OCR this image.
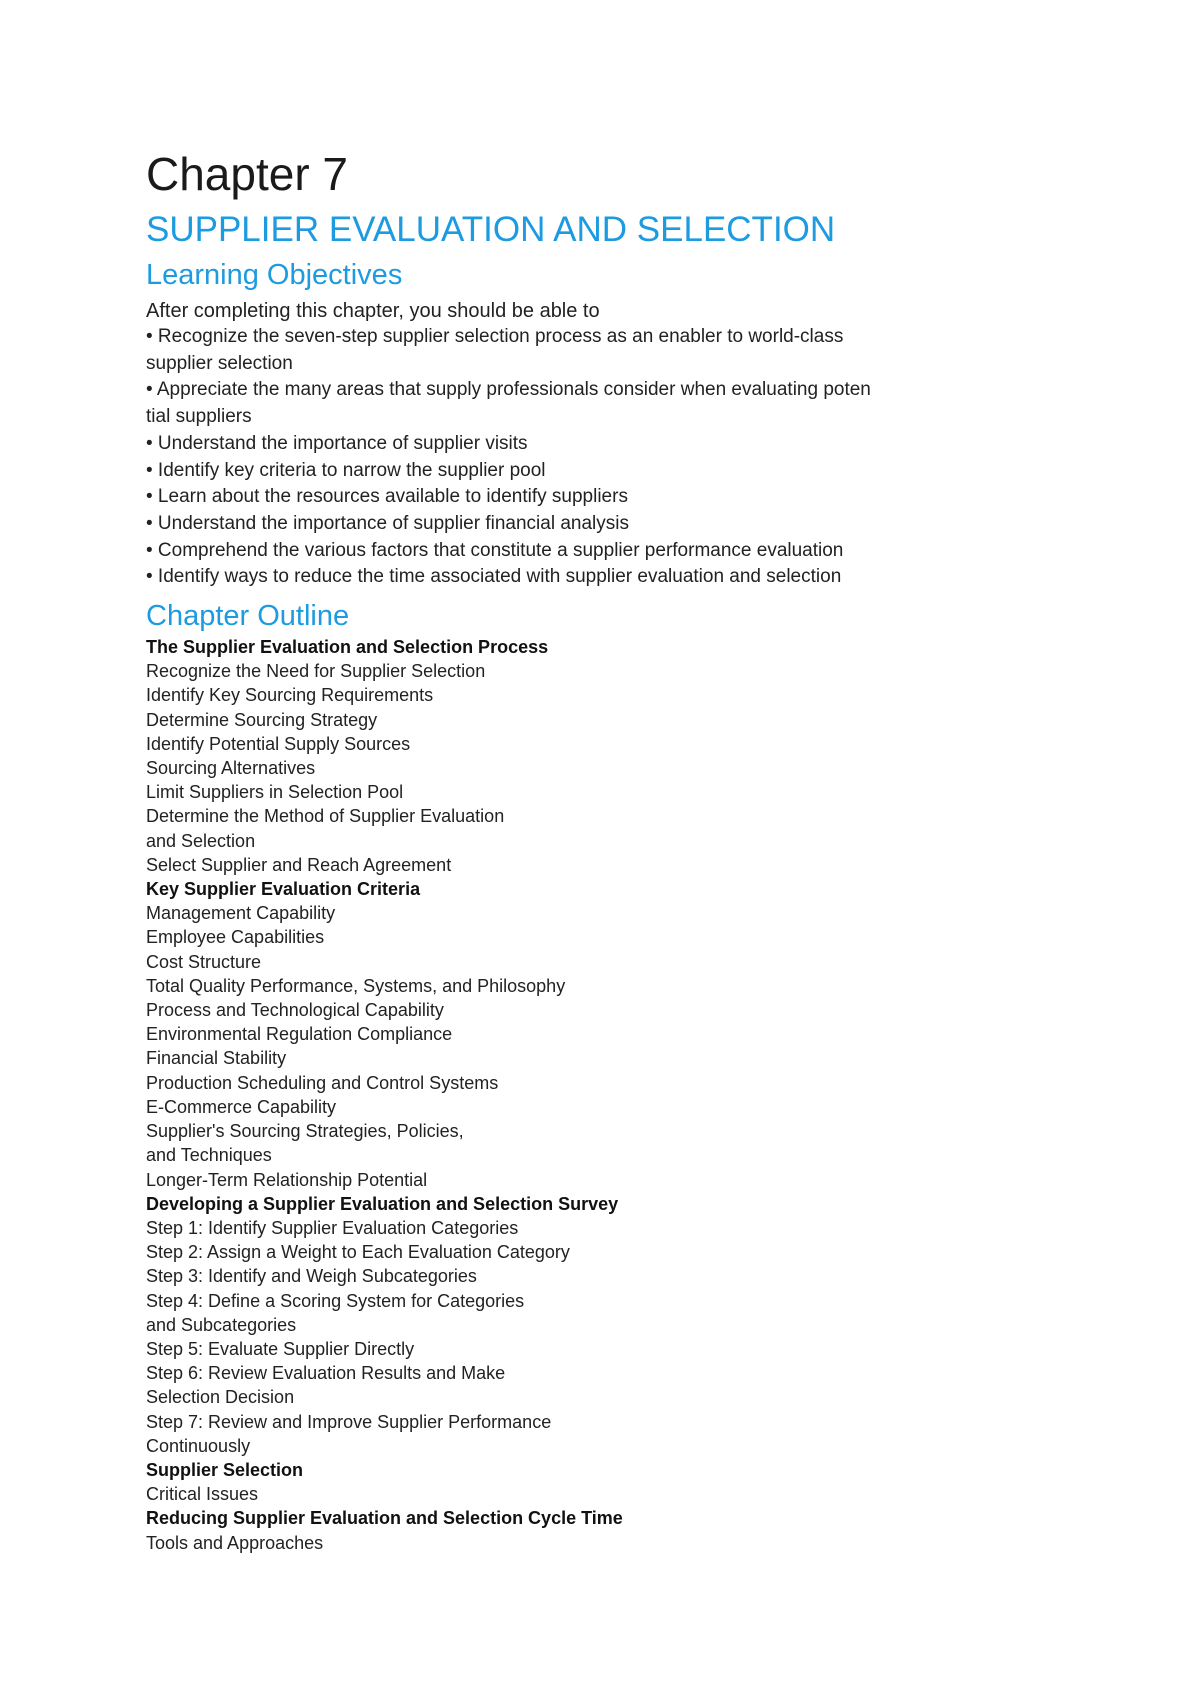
Chapter 7
SUPPLIER EVALUATION AND SELECTION
Learning Objectives

After completing this chapter, you should be able to

• Recognize the seven-step supplier selection process as an enabler to world-class
supplier selection
• Appreciate the many areas that supply professionals consider when evaluating poten
tial suppliers
• Understand the importance of supplier visits
• Identify key criteria to narrow the supplier pool
• Learn about the resources available to identify suppliers
• Understand the importance of supplier financial analysis
• Comprehend the various factors that constitute a supplier performance evaluation
• Identify ways to reduce the time associated with supplier evaluation and selection
Chapter Outline
The Supplier Evaluation and Selection Process
Recognize the Need for Supplier Selection
Identify Key Sourcing Requirements
Determine Sourcing Strategy
Identify Potential Supply Sources
Sourcing Alternatives
Limit Suppliers in Selection Pool
Determine the Method of Supplier Evaluation
and Selection
Select Supplier and Reach Agreement
Key Supplier Evaluation Criteria
Management Capability
Employee Capabilities
Cost Structure
Total Quality Performance, Systems, and Philosophy
Process and Technological Capability
Environmental Regulation Compliance
Financial Stability
Production Scheduling and Control Systems
E-Commerce Capability
Supplier's Sourcing Strategies, Policies,
and Techniques
Longer-Term Relationship Potential
Developing a Supplier Evaluation and Selection Survey
Step 1: Identify Supplier Evaluation Categories
Step 2: Assign a Weight to Each Evaluation Category
Step 3: Identify and Weigh Subcategories
Step 4: Define a Scoring System for Categories
and Subcategories
Step 5: Evaluate Supplier Directly
Step 6: Review Evaluation Results and Make
Selection Decision
Step 7: Review and Improve Supplier Performance
Continuously
Supplier Selection
Critical Issues
Reducing Supplier Evaluation and Selection Cycle Time
Tools and Approaches
